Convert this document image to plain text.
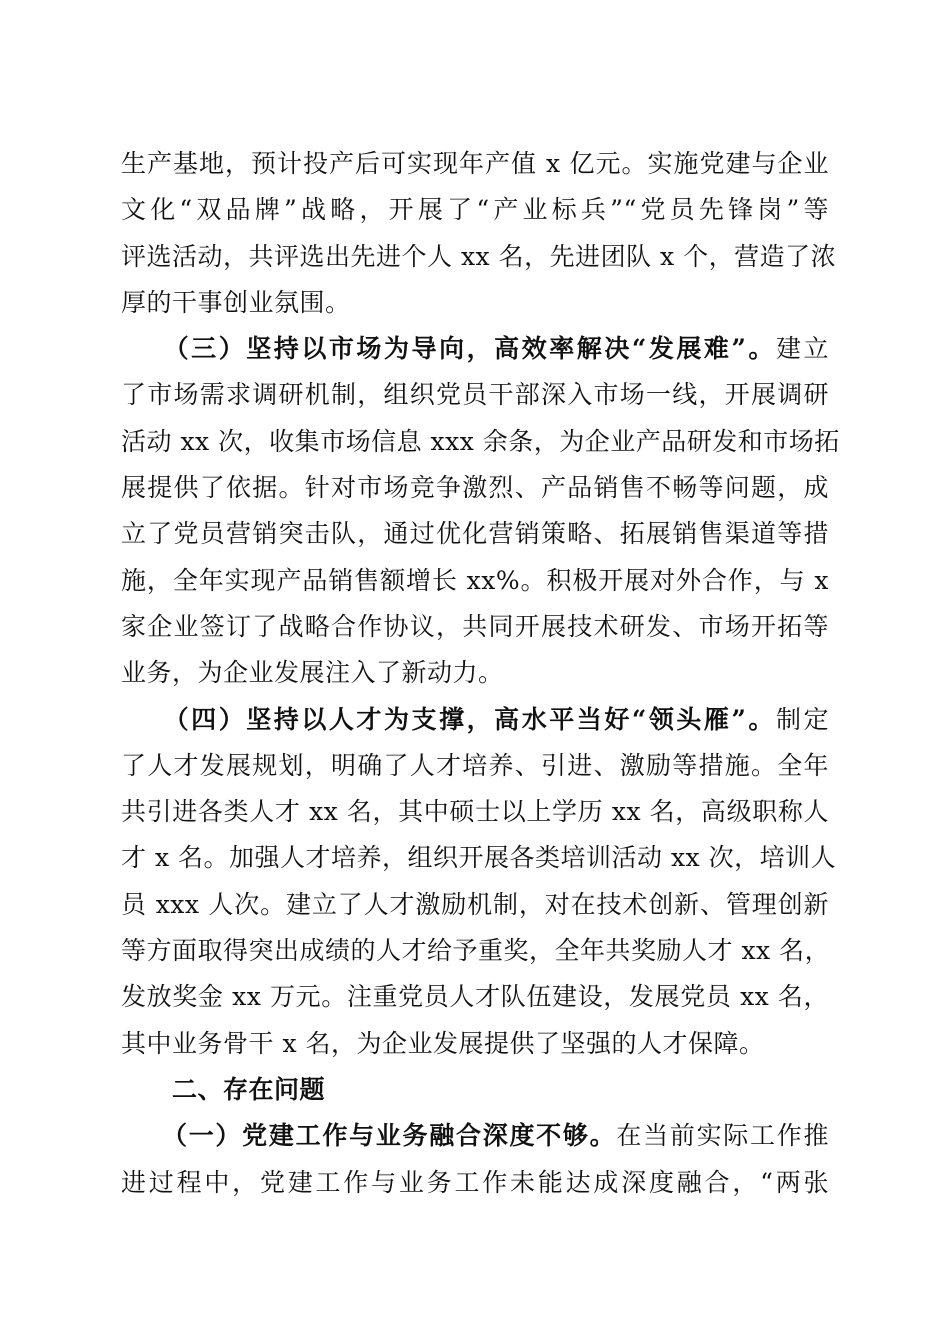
生产基地，预计投产后可实现年产值 x 亿元。实施党建与企业
文化“双品牌”战略，开展了“产业标兵”“党员先锋岗”等
评选活动，共评选出先进个人 xx 名，先进团队 x 个，营造了浓
厚的干事创业氛围。
　　（三）坚持以市场为导向，高效率解决“发展难”。建立
了市场需求调研机制，组织党员干部深入市场一线，开展调研
活动 xx 次，收集市场信息 xxx 余条，为企业产品研发和市场拓
展提供了依据。针对市场竞争激烈、产品销售不畅等问题，成
立了党员营销突击队，通过优化营销策略、拓展销售渠道等措
施，全年实现产品销售额增长 xx%。积极开展对外合作，与 x
家企业签订了战略合作协议，共同开展技术研发、市场开拓等
业务，为企业发展注入了新动力。
　　（四）坚持以人才为支撑，高水平当好“领头雁”。制定
了人才发展规划，明确了人才培养、引进、激励等措施。全年
共引进各类人才 xx 名，其中硕士以上学历 xx 名，高级职称人
才 x 名。加强人才培养，组织开展各类培训活动 xx 次，培训人
员 xxx 人次。建立了人才激励机制，对在技术创新、管理创新
等方面取得突出成绩的人才给予重奖，全年共奖励人才 xx 名，
发放奖金 xx 万元。注重党员人才队伍建设，发展党员 xx 名，
其中业务骨干 x 名，为企业发展提供了坚强的人才保障。
　　二、存在问题
　　（一）党建工作与业务融合深度不够。在当前实际工作推
进过程中，党建工作与业务工作未能达成深度融合，“两张
